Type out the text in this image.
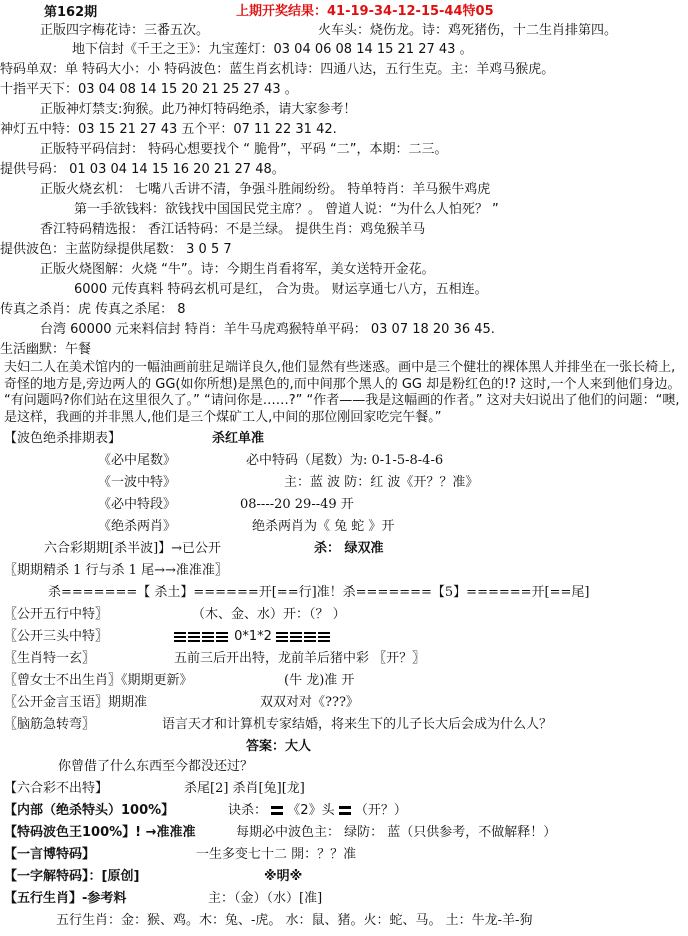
第162期	上期开奖结果：41-19-34-12-15-44特05
正版四字梅花诗：三番五次。	火车头：烧伤龙。诗：鸡死猪伤，十二生肖排第四。
地下信封《千王之王》：九宝莲灯：03 04 06 08 14 15 21 27 43 。
特码单双：单 特码大小：小 特码波色：蓝生肖玄机诗：四通八达，五行生克。主：羊鸡马猴虎。
十指平天下：03 04 08 14 15 20 21 25 27 43 。
正版神灯禁支:狗猴。此乃神灯特码绝杀，请大家参考！
神灯五中特：03 15 21 27 43 五个平：07 11 22 31 42.
正版特平码信封： 特码心想要找个 “ 脆骨”，平码 “二”，本期：二三。
提供号码： 01 03 04 14 15 16 20 21 27 48。
正版火烧玄机： 七嘴八舌讲不清，争强斗胜闹纷纷。 特单特肖：羊马猴牛鸡虎
第一手欲钱料：欲钱找中国国民党主席？。 曾道人说：“为什么人怕死？ ”
香江特码精选报： 香江话特码：不是兰绿。 提供生肖：鸡兔猴羊马
提供波色：主蓝防绿提供尾数： 3 0 5 7
正版火烧图解：火烧 “牛”。诗：今期生肖看将军，美女送特开金花。
6000 元传真料 特码玄机可是红， 合为贵。 财运享通七八方，五相连。
传真之杀肖：虎 传真之杀尾： 8
台湾 60000 元来料信封 特肖：羊牛马虎鸡猴特单平码： 03 07 18 20 36 45.
生活幽默：午餐
夫妇二人在美术馆内的一幅油画前驻足端详良久,他们显然有些迷惑。画中是三个健壮的裸体黑人并排坐在一张长椅上,奇怪的地方是,旁边两人的 GG(如你所想)是黑色的,而中间那个黑人的 GG 却是粉红色的!? 这时,一个人来到他们身边。 “有问题吗?你们站在这里很久了。” “请问你是……?” “作者——我是这幅画的作者。” 这对夫妇说出了他们的问题：“噢,是这样，我画的并非黑人,他们是三个煤矿工人,中间的那位刚回家吃完午餐。”
【波色绝杀排期表】	杀红单准
《必中尾数》	必中特码（尾数）为: 0-1-5-8-4-6
《一波中特》	主：蓝 波 防：红 波《开？？准》
《必中特段》	08----20 29--49 开
《绝杀两肖》	绝杀两肖为《 兔 蛇 》开
六合彩期期[杀半波]】→已公开	杀： 绿双准
〖期期精杀 1 行与杀 1 尾→→准准准〗
杀=======【 杀土】======开[==行]准！杀=======【5】======开[==尾]
〖公开五行中特〗	（木、金、水）开：（？ ）
〖公开三头中特〗	0*1*2
〖生肖特一玄〗	五前三后开出特，龙前羊后猪中彩 〖开？〗
〖曾女士不出生肖〗《期期更新》	(牛 龙)准 开
〖公开金言玉语〗期期准	双双对对《???》
〖脑筋急转弯〗	语言天才和计算机专家结婚，将来生下的儿子长大后会成为什么人？
答案：大人
你曾借了什么东西至今都没还过？
【六合彩不出特】	杀尾[2] 杀肖[兔][龙]
【内部（绝杀特头）100%】	诀杀： 《2》头 （开？）
【特码波色王100%】! →准准准	每期必中波色主： 绿防： 蓝（只供参考，不做解释！）
【一言博特码】	一生多变七十二 開：？？准
【一字解特码】：[原创]	※明※
【五行生肖】-参考料	主：（金）（水）[准]
五行生肖：金：猴、鸡。木：兔、-虎。 水：鼠、猪。火：蛇、马。 土：牛龙-羊-狗
